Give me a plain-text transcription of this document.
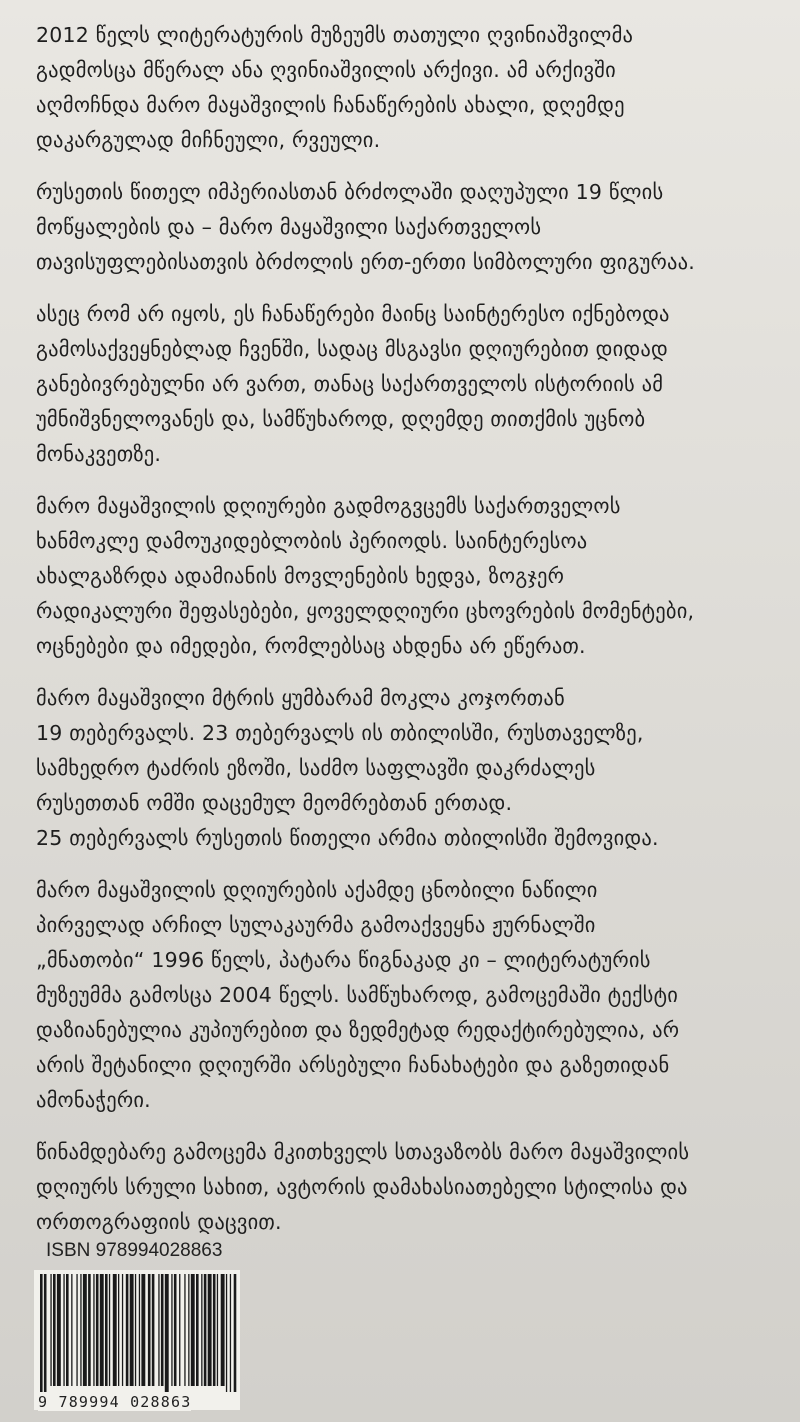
2012 წელს ლიტერატურის მუზეუმს თათული ღვინიაშვილმა
გადმოსცა მწერალ ანა ღვინიაშვილის არქივი. ამ არქივში
აღმოჩნდა მარო მაყაშვილის ჩანაწერების ახალი, დღემდე
დაკარგულად მიჩნეული, რვეული.

რუსეთის წითელ იმპერიასთან ბრძოლაში დაღუპული 19 წლის
მოწყალების და – მარო მაყაშვილი საქართველოს
თავისუფლებისათვის ბრძოლის ერთ-ერთი სიმბოლური ფიგურაა.

ასეც რომ არ იყოს, ეს ჩანაწერები მაინც საინტერესო იქნებოდა
გამოსაქვეყნებლად ჩვენში, სადაც მსგავსი დღიურებით დიდად
განებივრებულნი არ ვართ, თანაც საქართველოს ისტორიის ამ
უმნიშვნელოვანეს და, სამწუხაროდ, დღემდე თითქმის უცნობ
მონაკვეთზე.

მარო მაყაშვილის დღიურები გადმოგვცემს საქართველოს
ხანმოკლე დამოუკიდებლობის პერიოდს. საინტერესოა
ახალგაზრდა ადამიანის მოვლენების ხედვა, ზოგჯერ
რადიკალური შეფასებები, ყოველდღიური ცხოვრების მომენტები,
ოცნებები და იმედები, რომლებსაც ახდენა არ ეწერათ.

მარო მაყაშვილი მტრის ყუმბარამ მოკლა კოჯორთან
19 თებერვალს. 23 თებერვალს ის თბილისში, რუსთაველზე,
სამხედრო ტაძრის ეზოში, საძმო საფლავში დაკრძალეს
რუსეთთან ომში დაცემულ მეომრებთან ერთად.
25 თებერვალს რუსეთის წითელი არმია თბილისში შემოვიდა.

მარო მაყაშვილის დღიურების აქამდე ცნობილი ნაწილი
პირველად არჩილ სულაკაურმა გამოაქვეყნა ჟურნალში
„მნათობი“ 1996 წელს, პატარა წიგნაკად კი – ლიტერატურის
მუზეუმმა გამოსცა 2004 წელს. სამწუხაროდ, გამოცემაში ტექსტი
დაზიანებულია კუპიურებით და ზედმეტად რედაქტირებულია, არ
არის შეტანილი დღიურში არსებული ჩანახატები და გაზეთიდან
ამონაჭერი.

წინამდებარე გამოცემა მკითხველს სთავაზობს მარო მაყაშვილის
დღიურს სრული სახით, ავტორის დამახასიათებელი სტილისა და
ორთოგრაფიის დაცვით.

ISBN 978994028863
9 789994 028863
